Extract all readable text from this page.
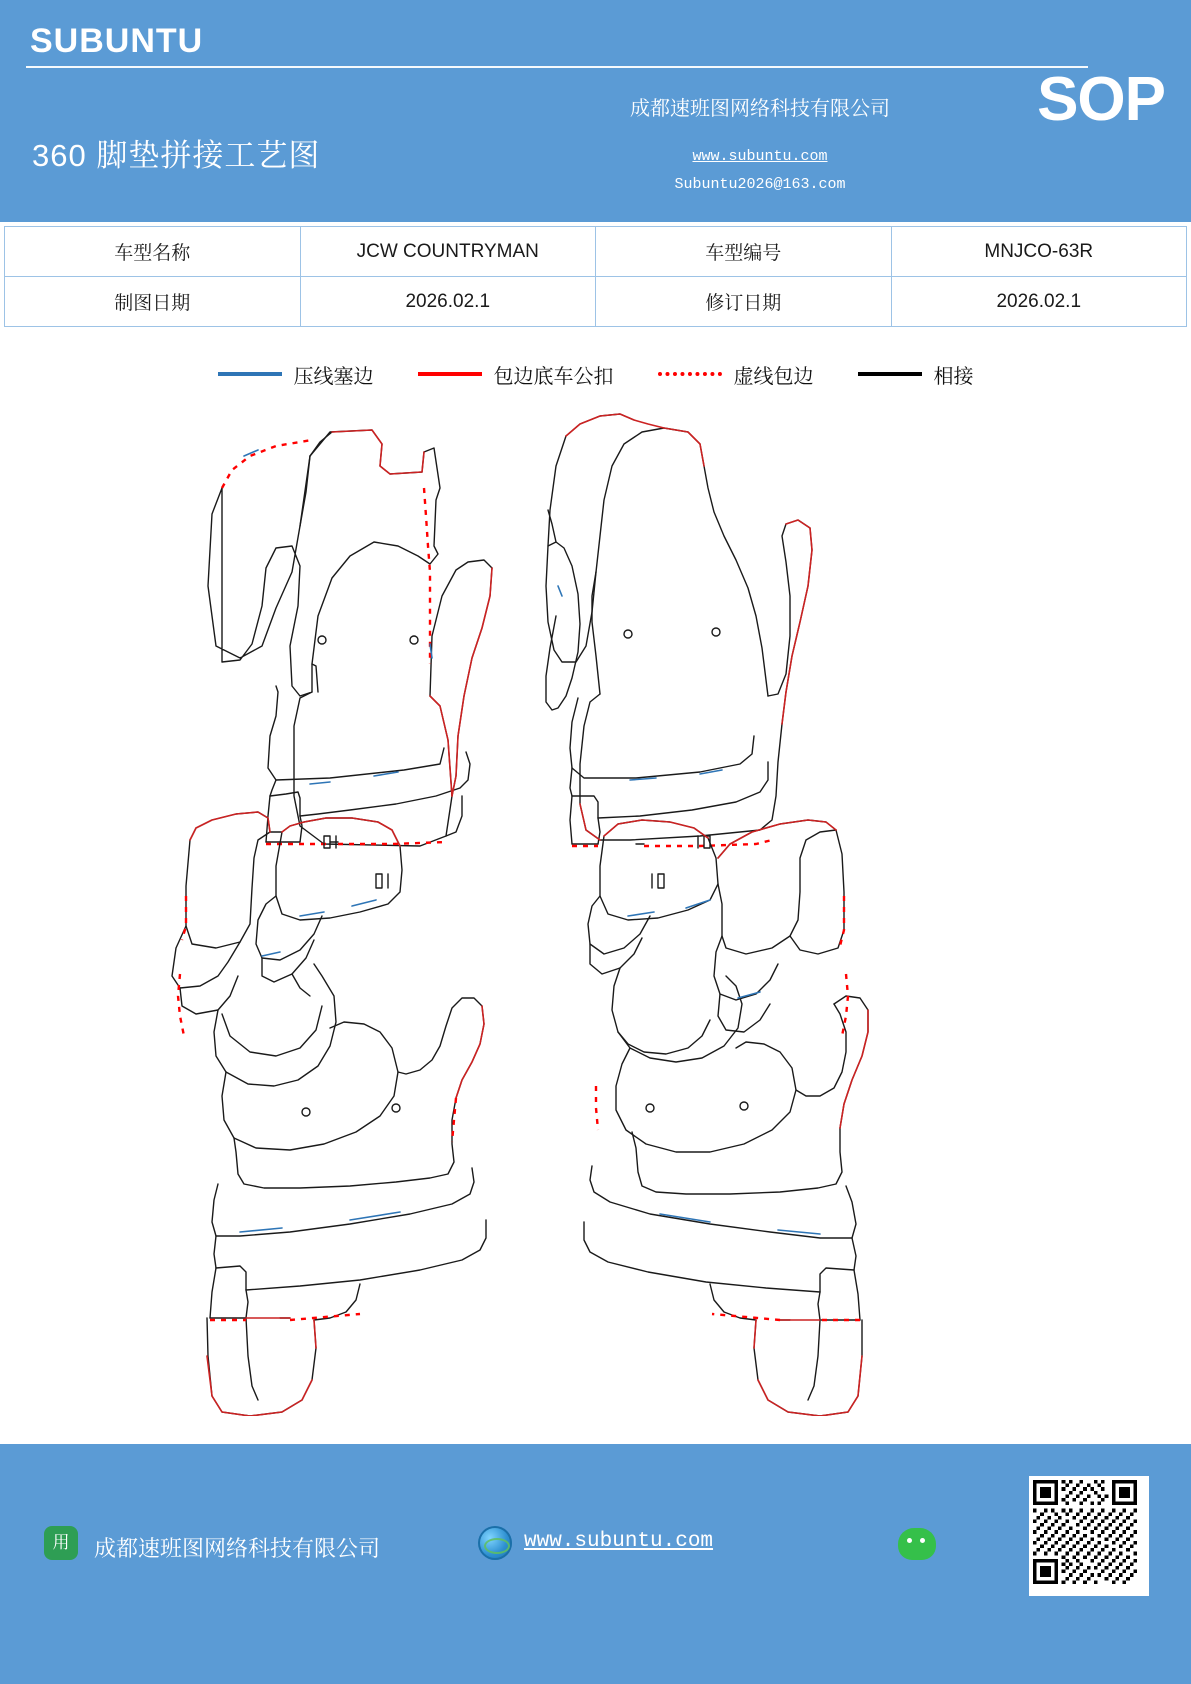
SUBUNTU
360 脚垫拼接工艺图
成都速班图网络科技有限公司
www.subuntu.com
Subuntu2026@163.com
SOP
车型名称	JCW COUNTRYMAN	车型编号	MNJCO-63R
制图日期	2026.02.1	修订日期	2026.02.1
压线塞边	包边底车公扣	虚线包边	相接
用	成都速班图网络科技有限公司	www.subuntu.com
